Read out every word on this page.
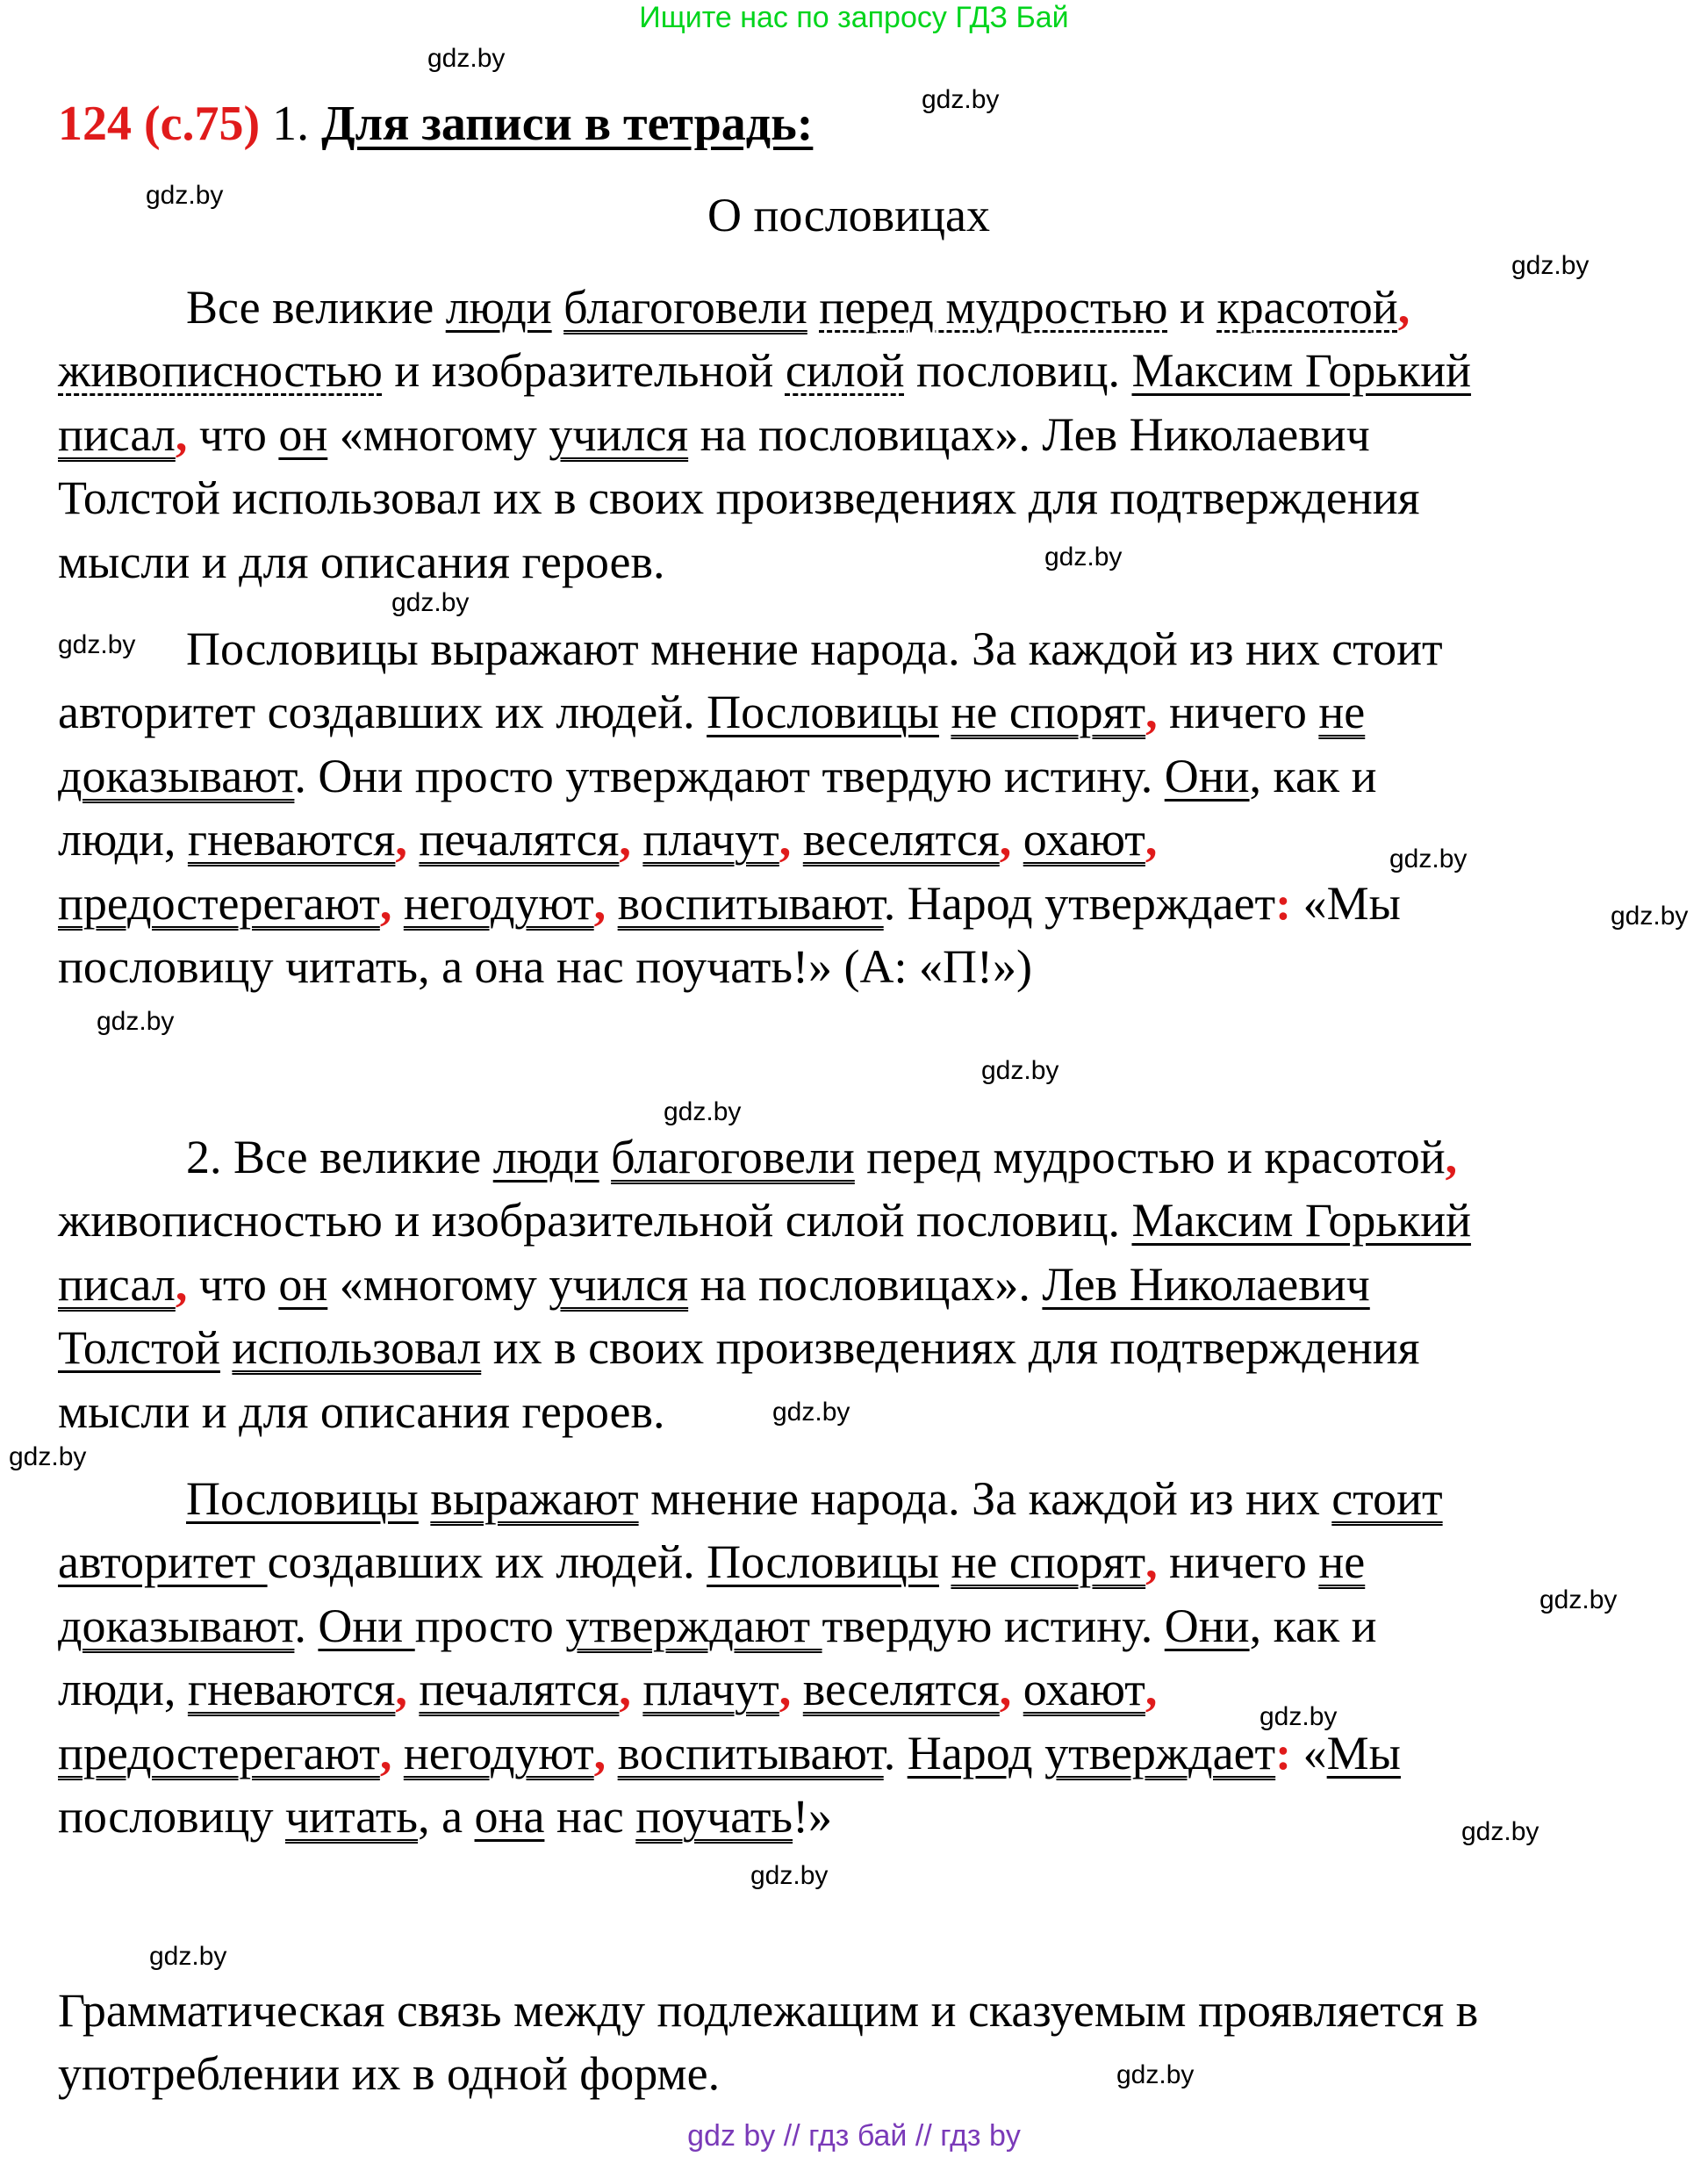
Ищите нас по запросу ГДЗ Бай
124 (с.75) 1. Для записи в тетрадь:
О пословицах
Все великие люди благоговели перед мудростью и красотой,
живописностью и изобразительной силой пословиц. Максим Горький
писал, что он «многому учился на пословицах». Лев Николаевич
Толстой использовал их в своих произведениях для подтверждения
мысли и для описания героев.
Пословицы выражают мнение народа. За каждой из них стоит
авторитет создавших их людей. Пословицы не спорят, ничего не
доказывают. Они просто утверждают твердую истину. Они, как и
люди, гневаются, печалятся, плачут, веселятся, охают,
предостерегают, негодуют, воспитывают. Народ утверждает: «Мы
пословицу читать, а она нас поучать!» (А: «П!»)
2. Все великие люди благоговели перед мудростью и красотой,
живописностью и изобразительной силой пословиц. Максим Горький
писал, что он «многому учился на пословицах». Лев Николаевич
Толстой использовал их в своих произведениях для подтверждения
мысли и для описания героев.
Пословицы выражают мнение народа. За каждой из них стоит
авторитет создавших их людей. Пословицы не спорят, ничего не
доказывают. Они просто утверждают твердую истину. Они, как и
люди, гневаются, печалятся, плачут, веселятся, охают,
предостерегают, негодуют, воспитывают. Народ утверждает: «Мы
пословицу читать, а она нас поучать!»
Грамматическая связь между подлежащим и сказуемым проявляется в
употреблении их в одной форме.
gdz.by
gdz.by
gdz.by
gdz.by
gdz.by
gdz.by
gdz.by
gdz.by
gdz.by
gdz.by
gdz.by
gdz.by
gdz.by
gdz.by
gdz.by
gdz.by
gdz.by
gdz.by
gdz.by
gdz.by
gdz by // гдз бай // гдз by
